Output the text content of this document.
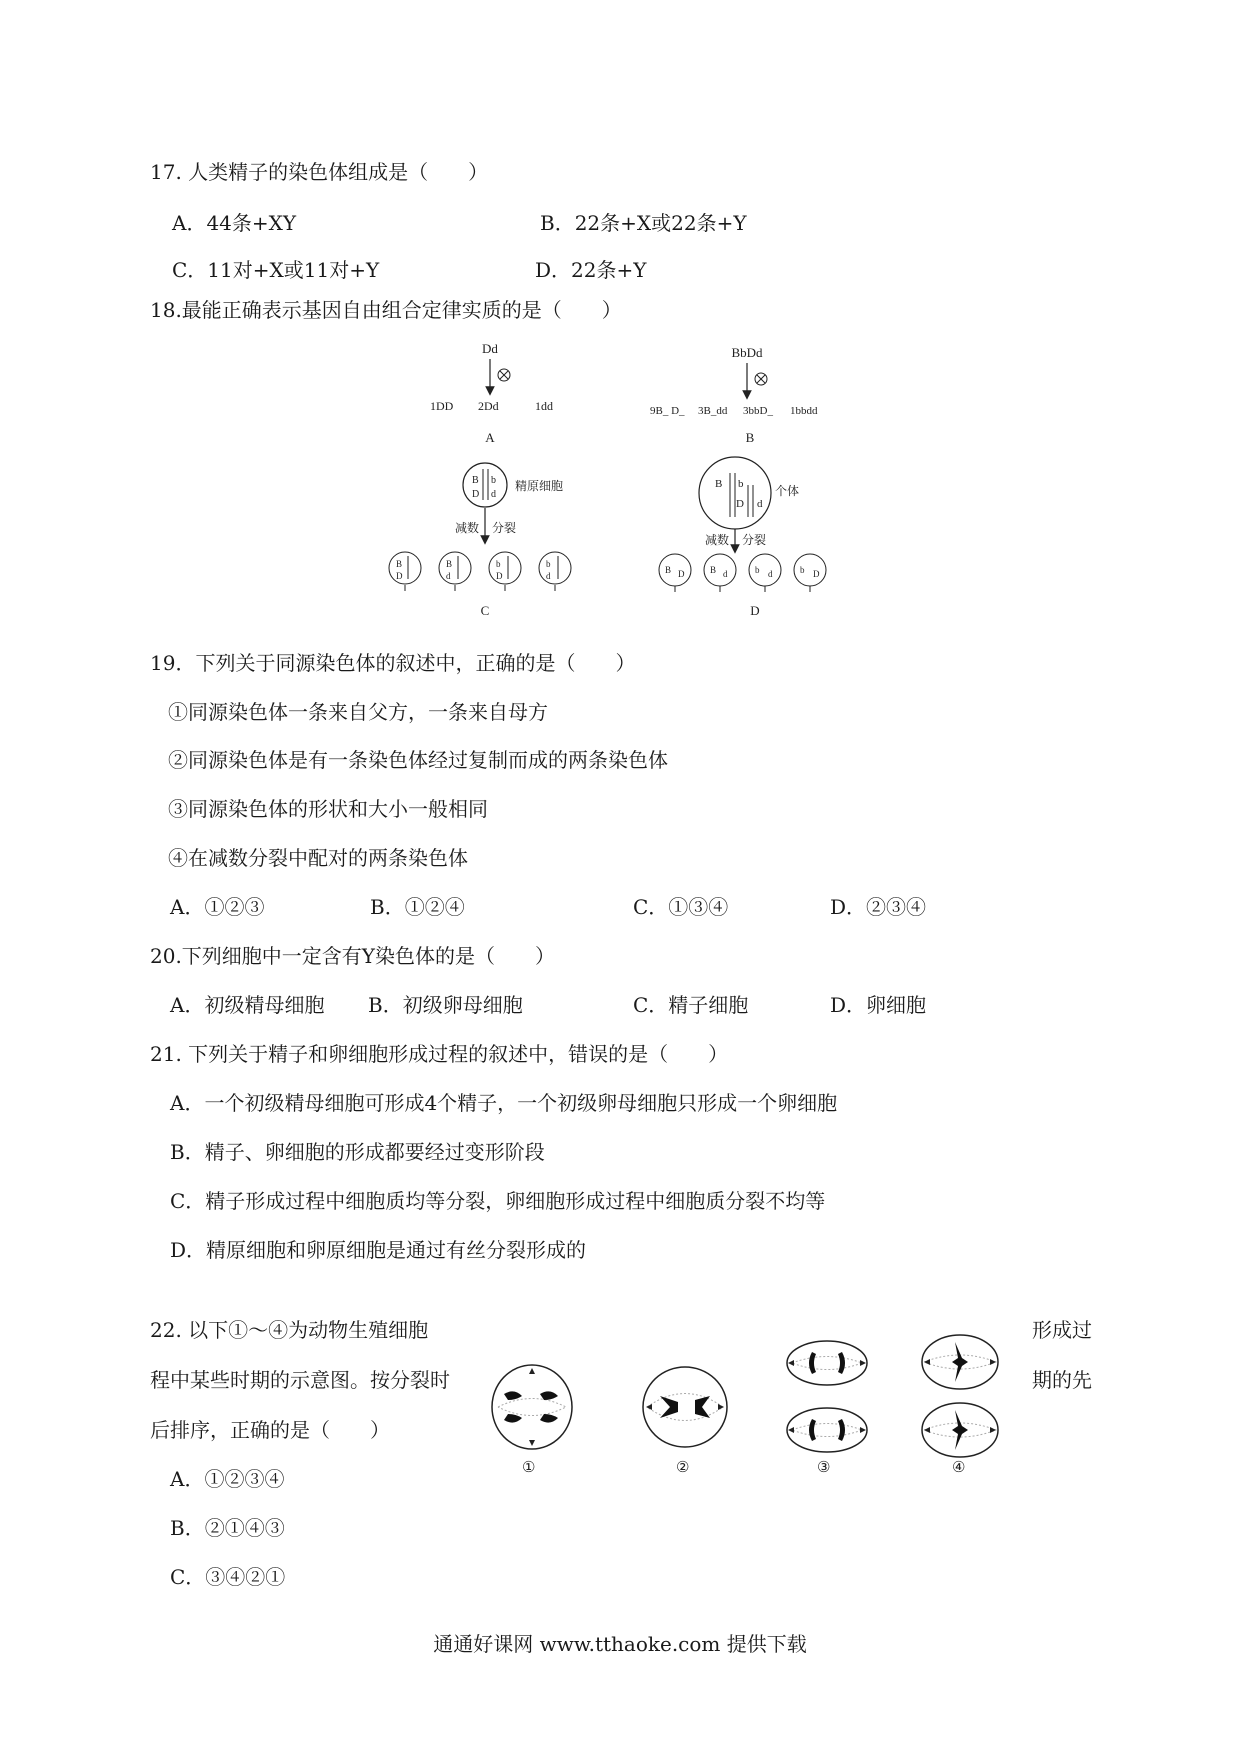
17. 人类精子的染色体组成是（　　）
A．44条+XY	B．22条+X或22条+Y
C．11对+X或11对+Y	D．22条+Y
18.最能正确表示基因自由组合定律实质的是（　　）
Dd
1DD 2Dd	1dd
A
BbDd
9B_ D_ 3B_dd 3bbD_ 1bbdd
B
B b
D d
精原细胞
减数 分裂
B
D
B
d
b
D
b
d
C
B b
D d
个体
减数 分裂
B D	B d	b d	b D
D
19．下列关于同源染色体的叙述中，正确的是（　　）
①同源染色体一条来自父方，一条来自母方
②同源染色体是有一条染色体经过复制而成的两条染色体
③同源染色体的形状和大小一般相同
④在减数分裂中配对的两条染色体
A．①②③	B．①②④	C．①③④	D．②③④
20.下列细胞中一定含有Y染色体的是（　　）
A．初级精母细胞 B．初级卵母细胞	C．精子细胞	D．卵细胞
21. 下列关于精子和卵细胞形成过程的叙述中，错误的是（　　）
A．一个初级精母细胞可形成4个精子，一个初级卵母细胞只形成一个卵细胞
B．精子、卵细胞的形成都要经过变形阶段
C．精子形成过程中细胞质均等分裂，卵细胞形成过程中细胞质分裂不均等
D．精原细胞和卵原细胞是通过有丝分裂形成的
22. 以下①～④为动物生殖细胞
程中某些时期的示意图。按分裂时
后排序，正确的是（　　）
形成过
期的先
①	②	③	④
A．①②③④
B．②①④③
C．③④②①
通通好课网 www.tthaoke.com 提供下载
